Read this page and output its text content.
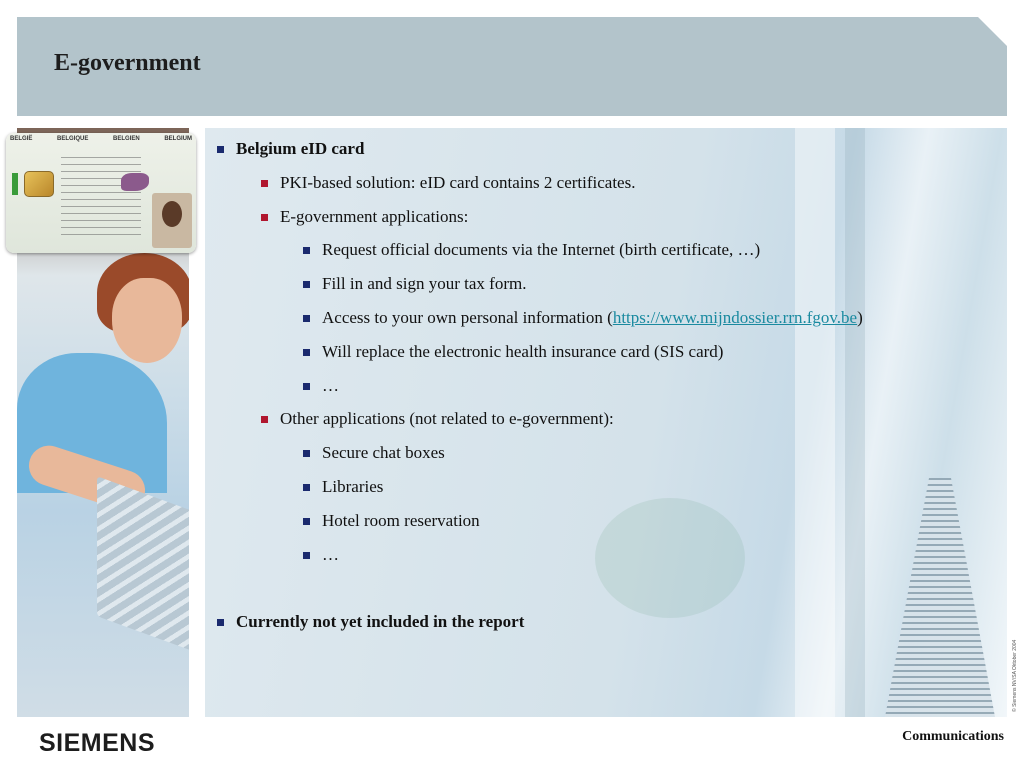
E-government
BELGIË	BELGIQUE	BELGIEN	BELGIUM	Belgium eID card
PKI-based solution: eID card contains 2 certificates.
E-government applications:
Request official documents via the Internet (birth certificate, …)
Fill in and sign your tax form.
Access to your own personal information ( https://www.mijndossier.rrn.fgov.be )
Will replace the electronic health insurance card (SIS card)
…
Other applications (not related to e-government):
Secure chat boxes
Libraries
Hotel room reservation
…
Currently not yet included in the report
© Siemens NV/SA Oktober 2004
SIEMENS	Communications
